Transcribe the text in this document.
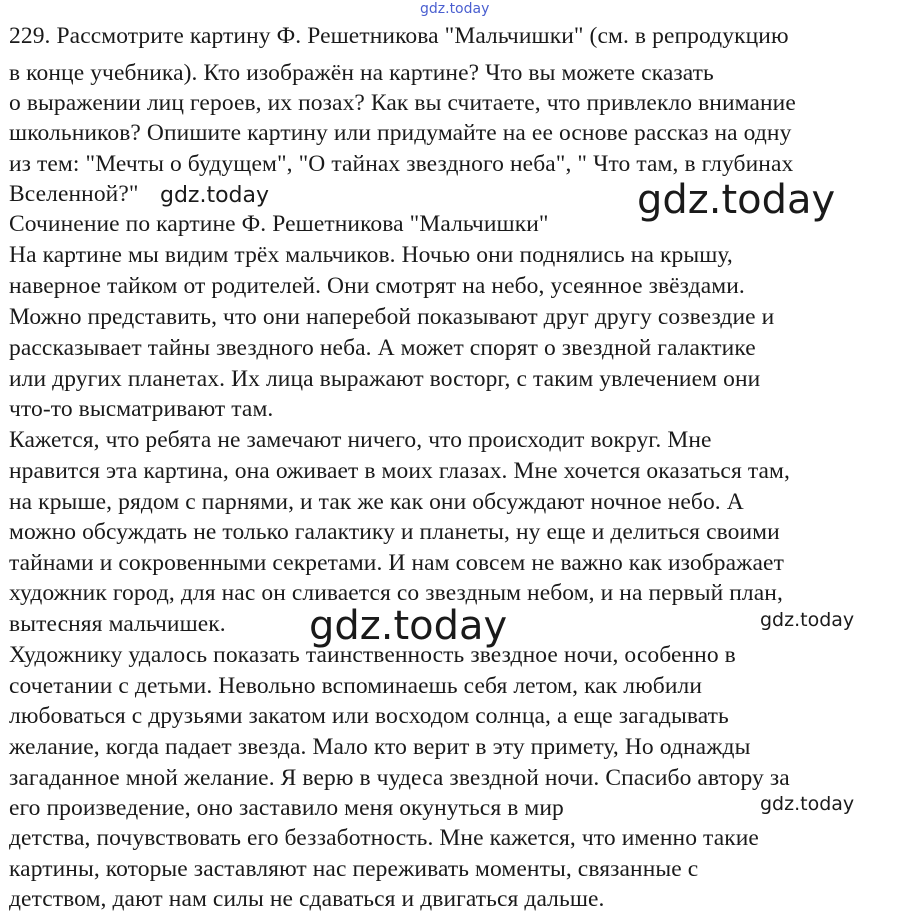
gdz.today

229. Рассмотрите картину Ф. Решетникова "Мальчишки" (см. в репродукцию

в конце учебника). Кто изображён на картине? Что вы можете сказать

о выражении лиц героев, их позах? Как вы считаете, что привлекло внимание

школьников? Опишите картину или придумайте на ее основе рассказ на одну

из тем: "Мечты о будущем", "О тайнах звездного неба", " Что там, в глубинах

Вселенной?"

Сочинение по картине Ф. Решетникова "Мальчишки"

На картине мы видим трёх мальчиков. Ночью они поднялись на крышу,

наверное тайком от родителей. Они смотрят на небо, усеянное звёздами.

Можно представить, что они наперебой показывают друг другу созвездие и

рассказывает тайны звездного неба. А может спорят о звездной галактике

или других планетах. Их лица выражают восторг, с таким увлечением они

что-то высматривают там.

Кажется, что ребята не замечают ничего, что происходит вокруг. Мне

нравится эта картина, она оживает в моих глазах. Мне хочется оказаться там,

на крыше, рядом с парнями, и так же как они обсуждают ночное небо. А

можно обсуждать не только галактику и планеты, ну еще и делиться своими

тайнами и сокровенными секретами. И нам совсем не важно как изображает

художник город, для нас он сливается со звездным небом, и на первый план,

вытесняя мальчишек.

Художнику удалось показать таинственность звездное ночи, особенно в

сочетании с детьми. Невольно вспоминаешь себя летом, как любили

любоваться с друзьями закатом или восходом солнца, а еще загадывать

желание, когда падает звезда. Мало кто верит в эту примету, Но однажды

загаданное мной желание. Я верю в чудеса звездной ночи. Спасибо автору за

его произведение, оно заставило меня окунуться в мир

детства, почувствовать его беззаботность. Мне кажется, что именно такие

картины, которые заставляют нас переживать моменты, связанные с

детством, дают нам силы не сдаваться и двигаться дальше.

gdz.today	gdz.today
gdz.today	gdz.today
gdz.today
